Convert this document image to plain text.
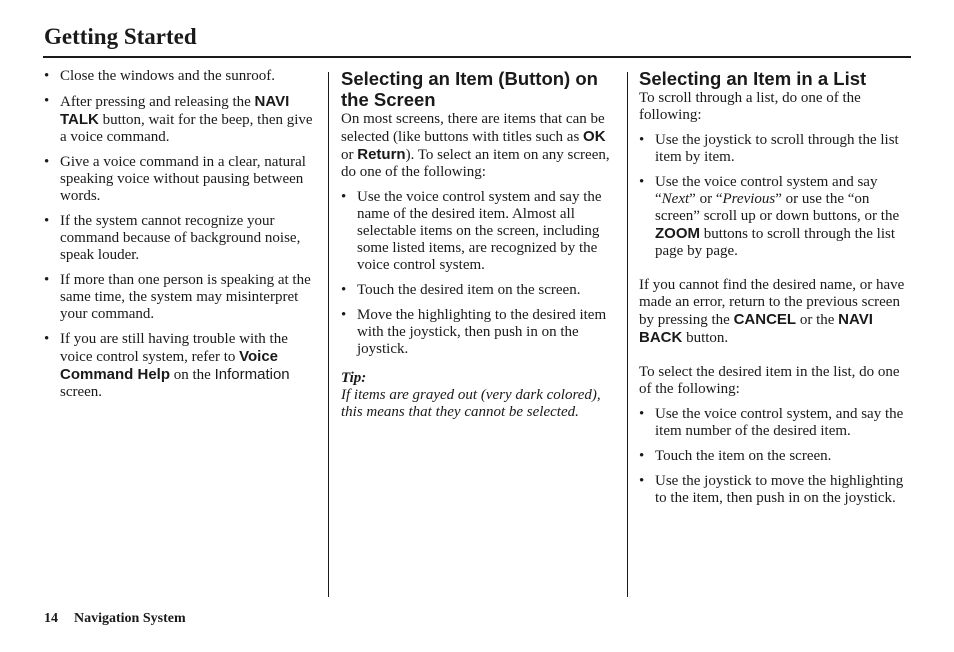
Getting Started
• Close the windows and the sunroof.
• After pressing and releasing the NAVI TALK button, wait for the beep, then give a voice command.
• Give a voice command in a clear, natural speaking voice without pausing between words.
• If the system cannot recognize your command because of background noise, speak louder.
• If more than one person is speaking at the same time, the system may misinterpret your command.
• If you are still having trouble with the voice control system, refer to Voice Command Help on the Information screen.
Selecting an Item (Button) on the Screen

On most screens, there are items that can be selected (like buttons with titles such as OK or Return). To select an item on any screen, do one of the following:

• Use the voice control system and say the name of the desired item. Almost all selectable items on the screen, including some listed items, are recognized by the voice control system.
• Touch the desired item on the screen.
• Move the highlighting to the desired item with the joystick, then push in on the joystick.

Tip:

If items are grayed out (very dark colored), this means that they cannot be selected.

Selecting an Item in a List

To scroll through a list, do one of the following:

• Use the joystick to scroll through the list item by item.
• Use the voice control system and say “Next” or “Previous” or use the “on screen” scroll up or down buttons, or the ZOOM buttons to scroll through the list page by page.

If you cannot find the desired name, or have made an error, return to the previous screen by pressing the CANCEL or the NAVI BACK button.

To select the desired item in the list, do one of the following:

• Use the voice control system, and say the item number of the desired item.
• Touch the item on the screen.
• Use the joystick to move the highlighting to the item, then push in on the joystick.
14 Navigation System
